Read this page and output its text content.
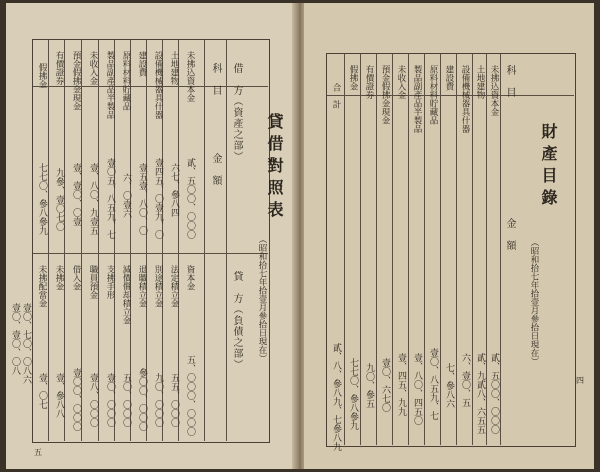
貸借對照表
（昭和拾七年拾壹月參拾日現在）
借　方（資產之部）
貸　方（負債之部）
科　目
金　額
未拂込資本金
貳、五〇〇、〇〇〇
土地建物
六七、參八四
設備機械器具什器
壹四五、〇壹九、〇
建設費
壹五壹、八〇、〇
原料材料貯藏品
六、〇壹六
製品副產品半製品
壹〇五、八五九、七
未收入金
壹、八〇、九壹五
預金假拂金現金
壹、壹〇、〇壹
有價證券
九參、壹〇七〇
假拂金
七七〇、參八參九
資本金
五、〇〇〇、〇〇〇
法定積立金
五五、〇〇〇
別途積立金
九〇、〇〇〇
退職積立金
參〇〇、〇〇〇
減價償却積立金
五〇、〇〇〇
支拂手形
壹〇、〇〇〇
職員預金
壹八、〇〇〇
借入金
壹〇〇、〇〇〇
未拂金
壹、參八八
未拂配當金
壹、〇七
壹〇、七〇、〇八六
壹〇、壹〇、〇八
五
財產目錄
（昭和拾七年拾壹月參拾日現在）
科　目
金　額
未拂込資本金
貳、五〇〇、〇〇〇
土地建物
貳、九貳八、六五五
設備機械器具什器
六、壹〇、五
建設費
七、參八六
原料材料貯藏品
壹〇、八五九、七
製品副產品半製品
壹、八〇、四五〇
未收入金
壹、四五、九九
預金假拂金現金
壹〇、六七〇
有價證券
九〇、參五
假拂金
七七〇、參八參九
合　計
貳、八、參八九、七參八九	四
